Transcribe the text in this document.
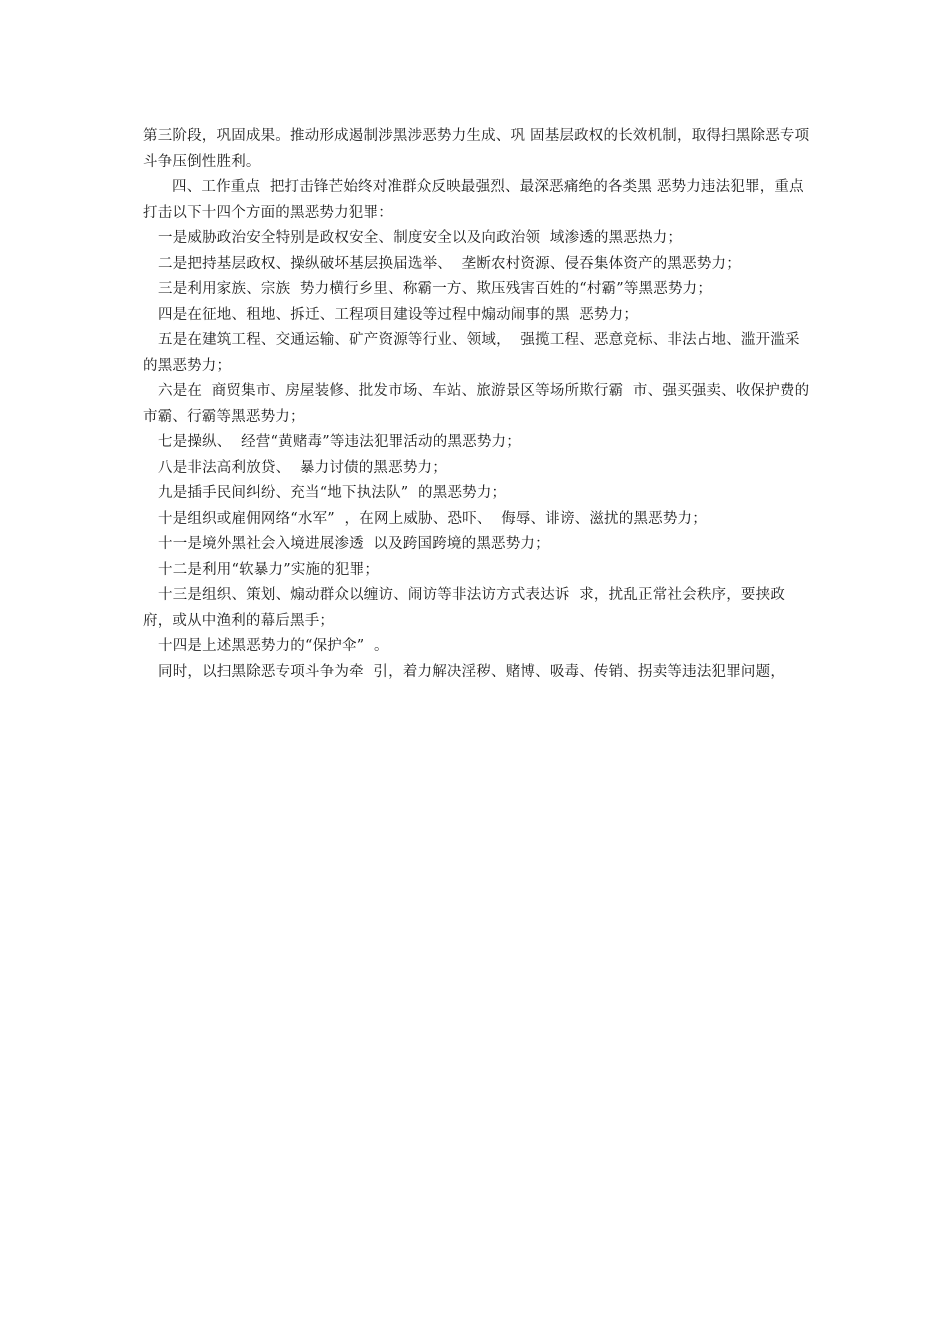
第三阶段，巩固成果。推动形成遏制涉黑涉恶势力生成、巩 固基层政权的长效机制，取得扫黑除恶专项斗争压倒性胜利。

四、工作重点  把打击锋芒始终对准群众反映最强烈、最深恶痛绝的各类黑 恶势力违法犯罪，重点打击以下十四个方面的黑恶势力犯罪：

一是威胁政治安全特别是政权安全、制度安全以及向政治领  域渗透的黑恶热力；

二是把持基层政权、操纵破坏基层换届选举、  垄断农村资源、侵吞集体资产的黑恶势力；

三是利用家族、宗族  势力横行乡里、称霸一方、欺压残害百姓的“村霸”等黑恶势力；

四是在征地、租地、拆迁、工程项目建设等过程中煽动闹事的黑  恶势力；

五是在建筑工程、交通运输、矿产资源等行业、领域，  强揽工程、恶意竞标、非法占地、滥开滥采的黑恶势力；

六是在  商贸集市、房屋装修、批发市场、车站、旅游景区等场所欺行霸  市、强买强卖、收保护费的市霸、行霸等黑恶势力；

七是操纵、  经营“黄赌毒”等违法犯罪活动的黑恶势力；

八是非法高利放贷、  暴力讨债的黑恶势力；

九是插手民间纠纷、充当“地下执法队”  的黑恶势力；

十是组织或雇佣网络“水军”  ，在网上威胁、恐吓、  侮辱、诽谤、滋扰的黑恶势力；

十一是境外黑社会入境进展渗透  以及跨国跨境的黑恶势力；

十二是利用“软暴力”实施的犯罪；

十三是组织、策划、煽动群众以缠访、闹访等非法访方式表达诉  求，扰乱正常社会秩序，要挟政府，或从中渔利的幕后黑手；

十四是上述黑恶势力的“保护伞”  。

同时，以扫黑除恶专项斗争为牵  引，着力解决淫秽、赌博、吸毒、传销、拐卖等违法犯罪问题，
